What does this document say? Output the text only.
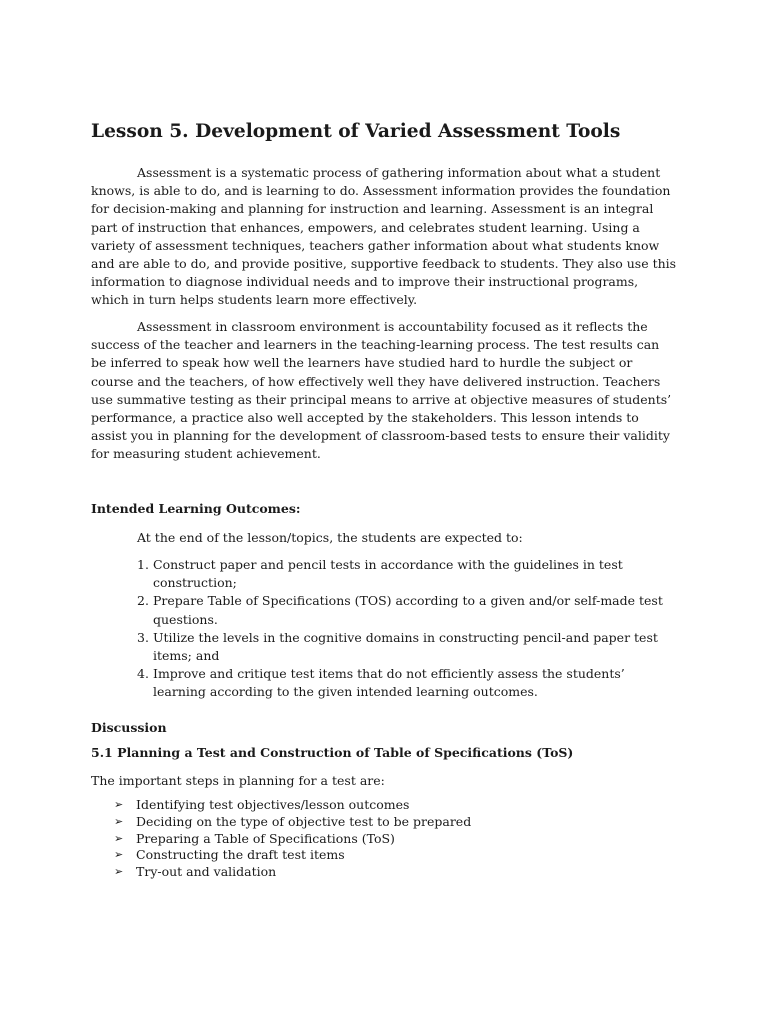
Lesson 5. Development of Varied Assessment Tools

Assessment is a systematic process of gathering information about what a student knows, is able to do, and is learning to do. Assessment information provides the foundation for decision-making and planning for instruction and learning. Assessment is an integral part of instruction that enhances, empowers, and celebrates student learning. Using a variety of assessment techniques, teachers gather information about what students know and are able to do, and provide positive, supportive feedback to students. They also use this information to diagnose individual needs and to improve their instructional programs, which in turn helps students learn more effectively.

Assessment in classroom environment is accountability focused as it reflects the success of the teacher and learners in the teaching-learning process. The test results can be inferred to speak how well the learners have studied hard to hurdle the subject or course and the teachers, of how effectively well they have delivered instruction. Teachers use summative testing as their principal means to arrive at objective measures of students’ performance, a practice also well accepted by the stakeholders. This lesson intends to assist you in planning for the development of classroom-based tests to ensure their validity for measuring student achievement.

Intended Learning Outcomes:

At the end of the lesson/topics, the students are expected to:

1. Construct paper and pencil tests in accordance with the guidelines in test construction;
2. Prepare Table of Specifications (TOS) according to a given and/or self-made test questions.
3. Utilize the levels in the cognitive domains in constructing pencil-and paper test items; and
4. Improve and critique test items that do not efficiently assess the students’ learning according to the given intended learning outcomes.

Discussion

5.1 Planning a Test and Construction of Table of Specifications (ToS)

The important steps in planning for a test are:

➢ Identifying test objectives/lesson outcomes
➢ Deciding on the type of objective test to be prepared
➢ Preparing a Table of Specifications (ToS)
➢ Constructing the draft test items
➢ Try-out and validation
